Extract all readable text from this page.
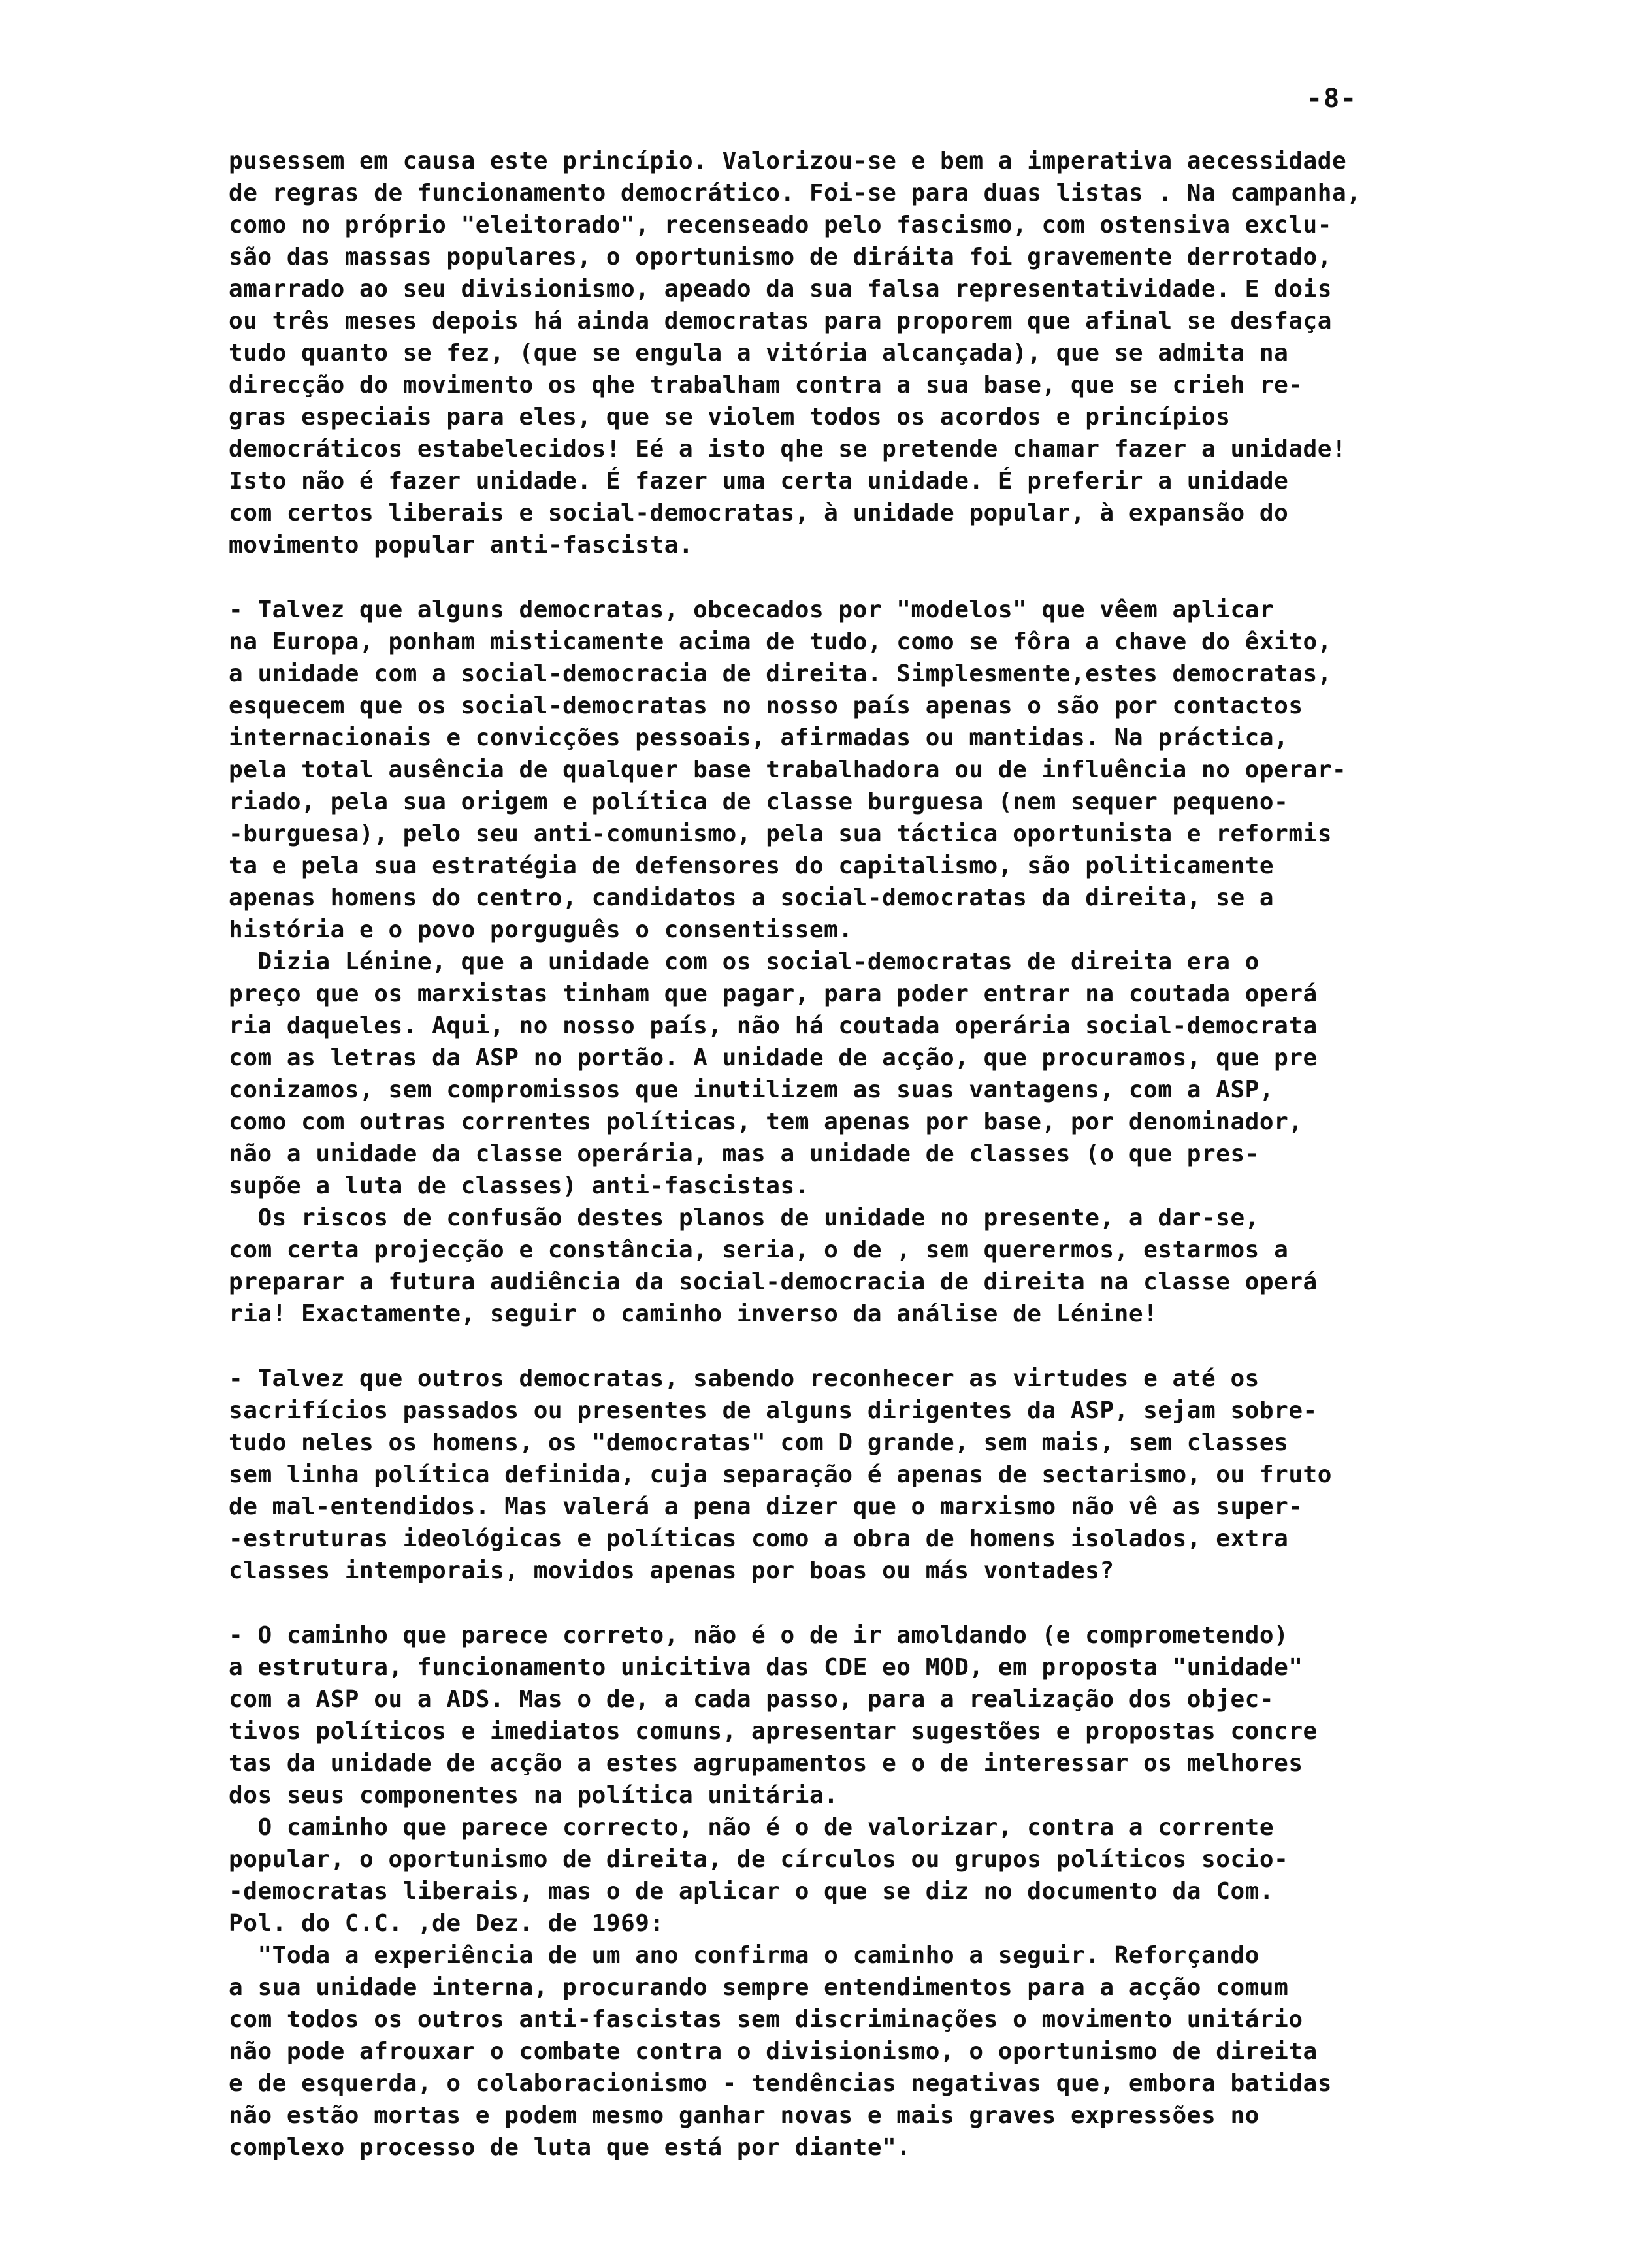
-8-
pusessem em causa este princípio. Valorizou-se e bem a imperativa aecessidade
de regras de funcionamento democrático. Foi-se para duas listas . Na campanha,
como no próprio "eleitorado", recenseado pelo fascismo, com ostensiva exclu-
são das massas populares, o oportunismo de diráita foi gravemente derrotado,
amarrado ao seu divisionismo, apeado da sua falsa representatividade. E dois
ou três meses depois há ainda democratas para proporem que afinal se desfaça
tudo quanto se fez, (que se engula a vitória alcançada), que se admita na
direcção do movimento os qhe trabalham contra a sua base, que se crieh re-
gras especiais para eles, que se violem todos os acordos e princípios
democráticos estabelecidos! Eé a isto qhe se pretende chamar fazer a unidade!
Isto não é fazer unidade. É fazer uma certa unidade. É preferir a unidade
com certos liberais e social-democratas, à unidade popular, à expansão do
movimento popular anti-fascista.
- Talvez que alguns democratas, obcecados por "modelos" que vêem aplicar
na Europa, ponham misticamente acima de tudo, como se fôra a chave do êxito,
a unidade com a social-democracia de direita. Simplesmente,estes democratas,
esquecem que os social-democratas no nosso país apenas o são por contactos
internacionais e convicções pessoais, afirmadas ou mantidas. Na práctica,
pela total ausência de qualquer base trabalhadora ou de influência no operar-
riado, pela sua origem e política de classe burguesa (nem sequer pequeno-
-burguesa), pelo seu anti-comunismo, pela sua táctica oportunista e reformis
ta e pela sua estratégia de defensores do capitalismo, são politicamente
apenas homens do centro, candidatos a social-democratas da direita, se a
história e o povo porguguês o consentissem.
Dizia Lénine, que a unidade com os social-democratas de direita era o
preço que os marxistas tinham que pagar, para poder entrar na coutada operá
ria daqueles. Aqui, no nosso país, não há coutada operária social-democrata
com as letras da ASP no portão. A unidade de acção, que procuramos, que pre
conizamos, sem compromissos que inutilizem as suas vantagens, com a ASP,
como com outras correntes políticas, tem apenas por base, por denominador,
não a unidade da classe operária, mas a unidade de classes (o que pres-
supõe a luta de classes) anti-fascistas.
Os riscos de confusão destes planos de unidade no presente, a dar-se,
com certa projecção e constância, seria, o de , sem querermos, estarmos a
preparar a futura audiência da social-democracia de direita na classe operá
ria! Exactamente, seguir o caminho inverso da análise de Lénine!
- Talvez que outros democratas, sabendo reconhecer as virtudes e até os
sacrifícios passados ou presentes de alguns dirigentes da ASP, sejam sobre-
tudo neles os homens, os "democratas" com D grande, sem mais, sem classes
sem linha política definida, cuja separação é apenas de sectarismo, ou fruto
de mal-entendidos. Mas valerá a pena dizer que o marxismo não vê as super-
-estruturas ideológicas e políticas como a obra de homens isolados, extra
classes intemporais, movidos apenas por boas ou más vontades?
- O caminho que parece correto, não é o de ir amoldando (e comprometendo)
a estrutura, funcionamento unicitiva das CDE eo MOD, em proposta "unidade"
com a ASP ou a ADS. Mas o de, a cada passo, para a realização dos objec-
tivos políticos e imediatos comuns, apresentar sugestões e propostas concre
tas da unidade de acção a estes agrupamentos e o de interessar os melhores
dos seus componentes na política unitária.
O caminho que parece correcto, não é o de valorizar, contra a corrente
popular, o oportunismo de direita, de círculos ou grupos políticos socio-
-democratas liberais, mas o de aplicar o que se diz no documento da Com.
Pol. do C.C. ,de Dez. de 1969:
"Toda a experiência de um ano confirma o caminho a seguir. Reforçando
a sua unidade interna, procurando sempre entendimentos para a acção comum
com todos os outros anti-fascistas sem discriminações o movimento unitário
não pode afrouxar o combate contra o divisionismo, o oportunismo de direita
e de esquerda, o colaboracionismo - tendências negativas que, embora batidas
não estão mortas e podem mesmo ganhar novas e mais graves expressões no
complexo processo de luta que está por diante".
